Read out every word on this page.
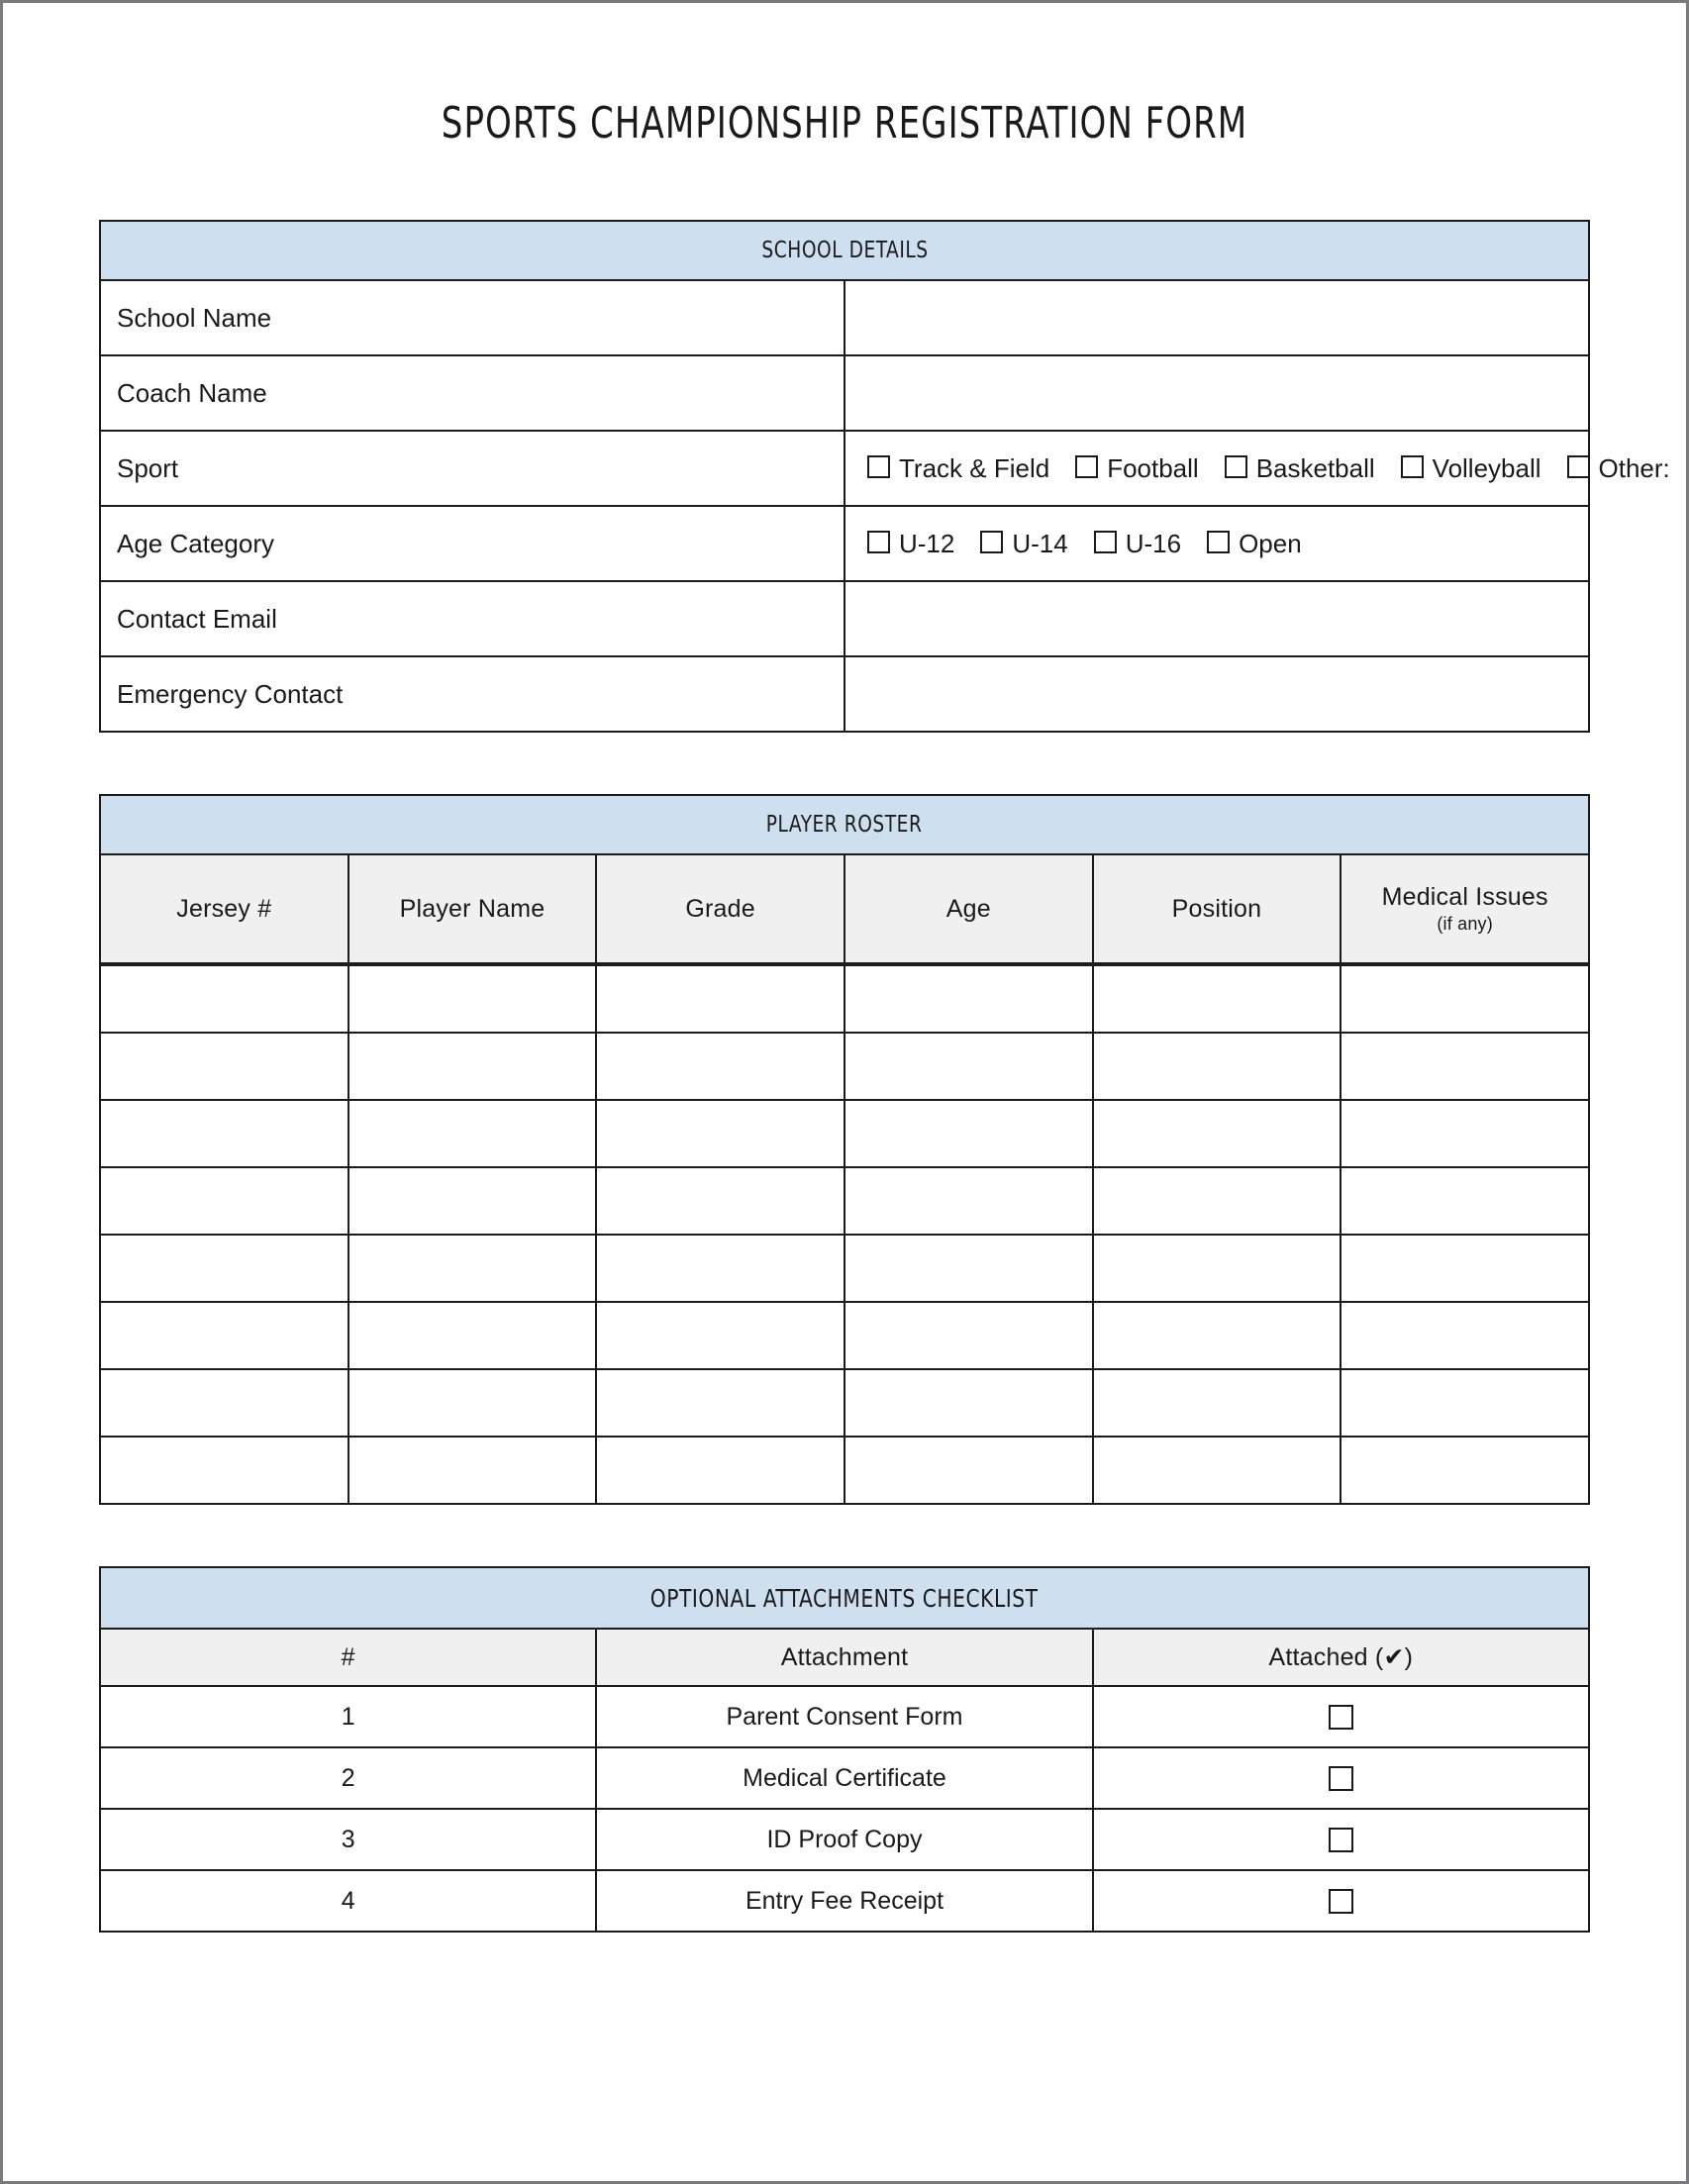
SPORTS CHAMPIONSHIP REGISTRATION FORM
SCHOOL DETAILS	
School Name	
Coach Name	
Sport	Track & Field Football Basketball Volleyball Other:
Age Category	U-12 U-14 U-16 Open
Contact Email	
Emergency Contact	
PLAYER ROSTER					
Jersey #	Player Name	Grade	Age	Position	Medical Issues
(if any)

OPTIONAL ATTACHMENTS CHECKLIST		
#	Attachment	Attached (✔)
1	Parent Consent Form	
2	Medical Certificate	
3	ID Proof Copy	
4	Entry Fee Receipt	
